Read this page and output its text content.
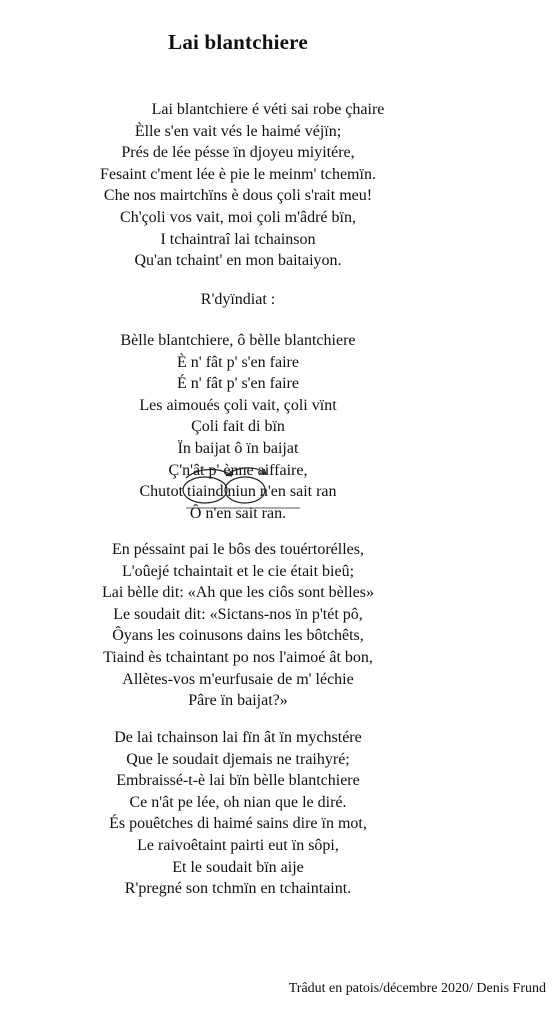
Lai blantchiere
Lai blantchiere é véti sai robe çhaire
Èlle s'en vait vés le haimé véjïn;
Prés de lée pésse ïn djoyeu miyitére,
Fesaint c'ment lée è pie le meinm' tchemïn.
Che nos mairtchïns è dous çoli s'rait meu!
Ch'çoli vos vait, moi çoli m'âdré bïn,
I tchaintraî lai tchainson
Qu'an tchaint' en mon baitaiyon.
R'dyïndiat :
Bèlle blantchiere, ô bèlle blantchiere
È n' fât p' s'en faire
É n' fât p' s'en faire
Les aimoués çoli vait, çoli vïnt
Çoli fait di bïn
Ïn baijat ô ïn baijat
Ç'n'ât p' ènne aiffaire,
Chutot tiaind niun n'en sait ran
Ô n'en sait ran.
En péssaint pai le bôs des touértorélles,
L'oûejé tchaintait et le cie était bieû;
Lai bèlle dit: «Ah que les ciôs sont bèlles»
Le soudait dit: «Sictans-nos ïn p'tét pô,
Ôyans les coinusons dains les bôtchêts,
Tiaind ès tchaintant po nos l'aimoé ât bon,
Allètes-vos m'eurfusaie de m' léchie
Pâre ïn baijat?»
De lai tchainson lai fïn ât ïn mychstére
Que le soudait djemais ne traihyré;
Embraissé-t-è lai bïn bèlle blantchiere
Ce n'ât pe lée, oh nian que le diré.
És pouêtches di haimé sains dire ïn mot,
Le raivoêtaint pairti eut ïn sôpi,
Et le soudait bïn aije
R'pregné son tchmïn en tchaintaint.
Trâdut en patois/décembre 2020/ Denis Frund
